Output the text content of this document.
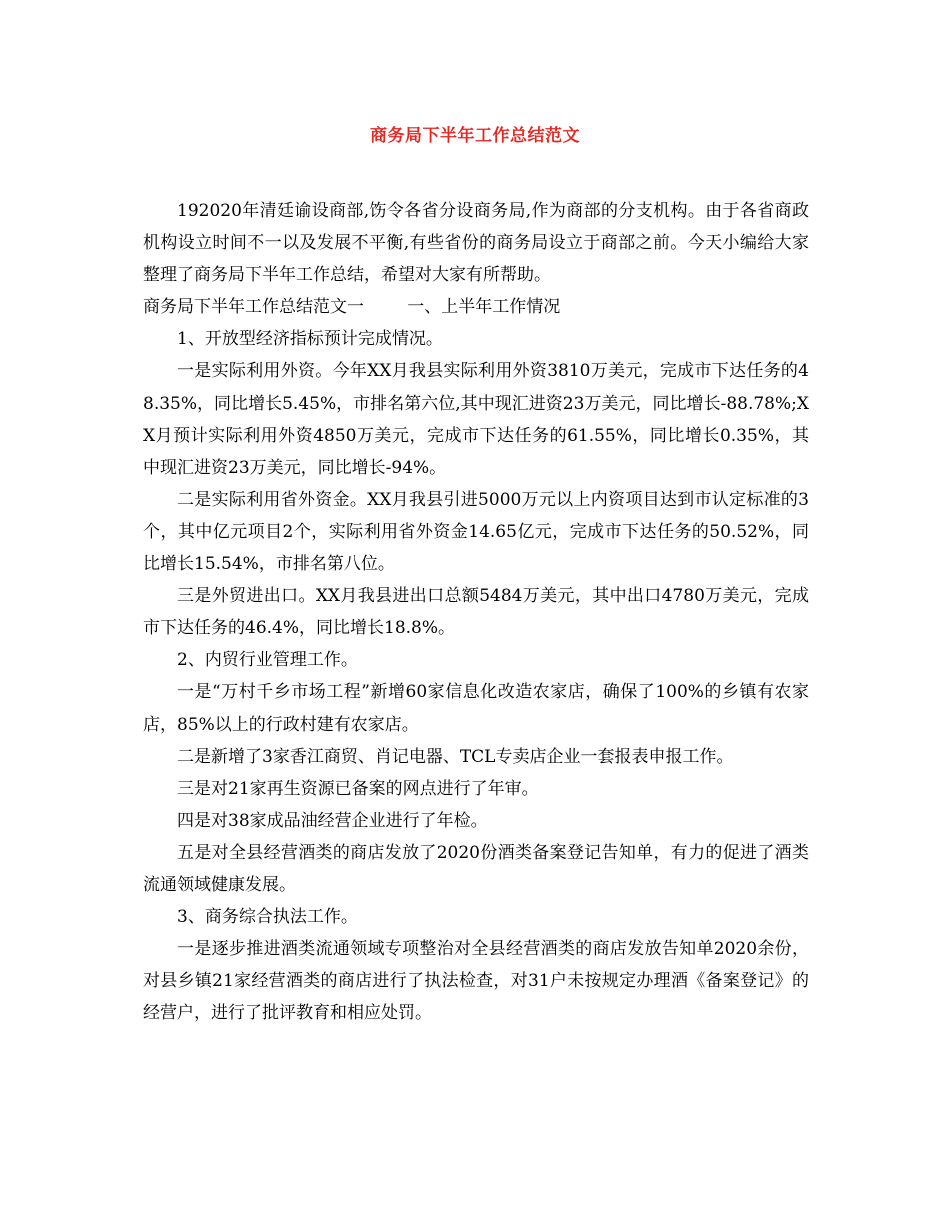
商务局下半年工作总结范文

192020年清廷谕设商部,饬令各省分设商务局,作为商部的分支机构。由于各省商政机构设立时间不一以及发展不平衡,有些省份的商务局设立于商部之前。今天小编给大家整理了商务局下半年工作总结，希望对大家有所帮助。

商务局下半年工作总结范文一        一、上半年工作情况

1、开放型经济指标预计完成情况。

一是实际利用外资。今年XX月我县实际利用外资3810万美元，完成市下达任务的48.35%，同比增长5.45%，市排名第六位,其中现汇进资23万美元，同比增长-88.78%;XX月预计实际利用外资4850万美元，完成市下达任务的61.55%，同比增长0.35%，其中现汇进资23万美元，同比增长-94%。

二是实际利用省外资金。XX月我县引进5000万元以上内资项目达到市认定标准的3个，其中亿元项目2个，实际利用省外资金14.65亿元，完成市下达任务的50.52%，同比增长15.54%，市排名第八位。

三是外贸进出口。XX月我县进出口总额5484万美元，其中出口4780万美元，完成市下达任务的46.4%，同比增长18.8%。

2、内贸行业管理工作。

一是“万村千乡市场工程”新增60家信息化改造农家店，确保了100%的乡镇有农家店，85%以上的行政村建有农家店。

二是新增了3家香江商贸、肖记电器、TCL专卖店企业一套报表申报工作。

三是对21家再生资源已备案的网点进行了年审。

四是对38家成品油经营企业进行了年检。

五是对全县经营酒类的商店发放了2020份酒类备案登记告知单，有力的促进了酒类流通领域健康发展。

3、商务综合执法工作。

一是逐步推进酒类流通领域专项整治对全县经营酒类的商店发放告知单2020余份，对县乡镇21家经营酒类的商店进行了执法检查，对31户未按规定办理酒《备案登记》的经营户，进行了批评教育和相应处罚。
